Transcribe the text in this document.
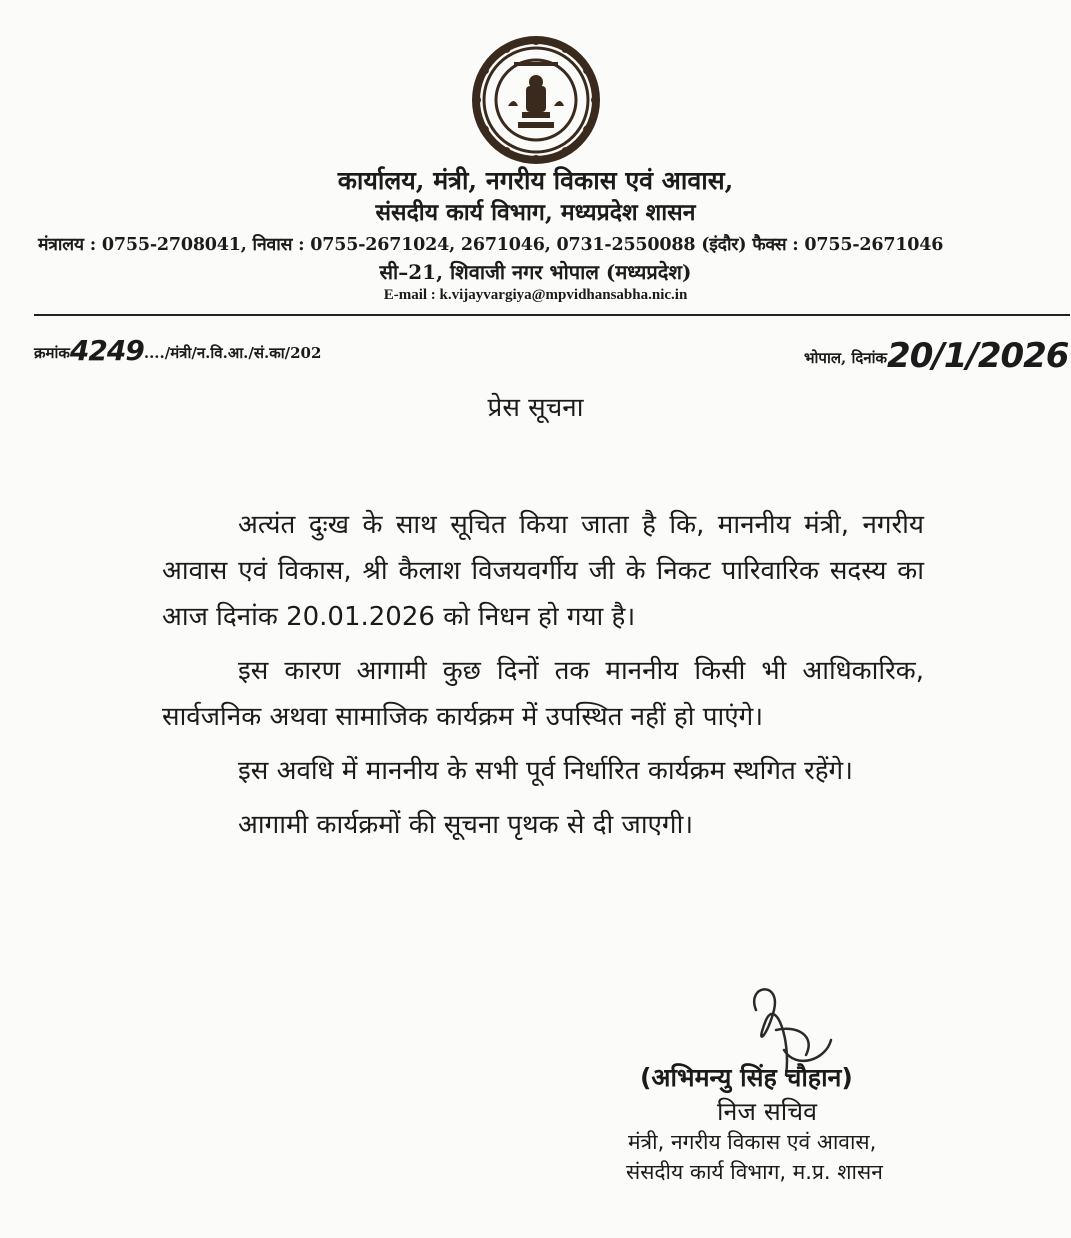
कार्यालय, मंत्री, नगरीय विकास एवं आवास,
संसदीय कार्य विभाग, मध्यप्रदेश शासन
मंत्रालय : 0755-2708041, निवास : 0755-2671024, 2671046, 0731-2550088 (इंदौर) फैक्स : 0755-2671046
सी–21, शिवाजी नगर भोपाल (मध्यप्रदेश)
E-mail : k.vijayvargiya@mpvidhansabha.nic.in
क्रमांक4249..../मंत्री/न.वि.आ./सं.का/202	भोपाल, दिनांक20/1/2026
प्रेस सूचना

अत्यंत दुःख के साथ सूचित किया जाता है कि, माननीय मंत्री, नगरीय आवास एवं विकास, श्री कैलाश विजयवर्गीय जी के निकट पारिवारिक सदस्य का आज दिनांक 20.01.2026 को निधन हो गया है।

इस कारण आगामी कुछ दिनों तक माननीय किसी भी आधिकारिक, सार्वजनिक अथवा सामाजिक कार्यक्रम में उपस्थित नहीं हो पाएंगे।

इस अवधि में माननीय के सभी पूर्व निर्धारित कार्यक्रम स्थगित रहेंगे।

आगामी कार्यक्रमों की सूचना पृथक से दी जाएगी।

(अभिमन्यु सिंह चौहान)
निज सचिव
मंत्री, नगरीय विकास एवं आवास,
संसदीय कार्य विभाग, म.प्र. शासन
